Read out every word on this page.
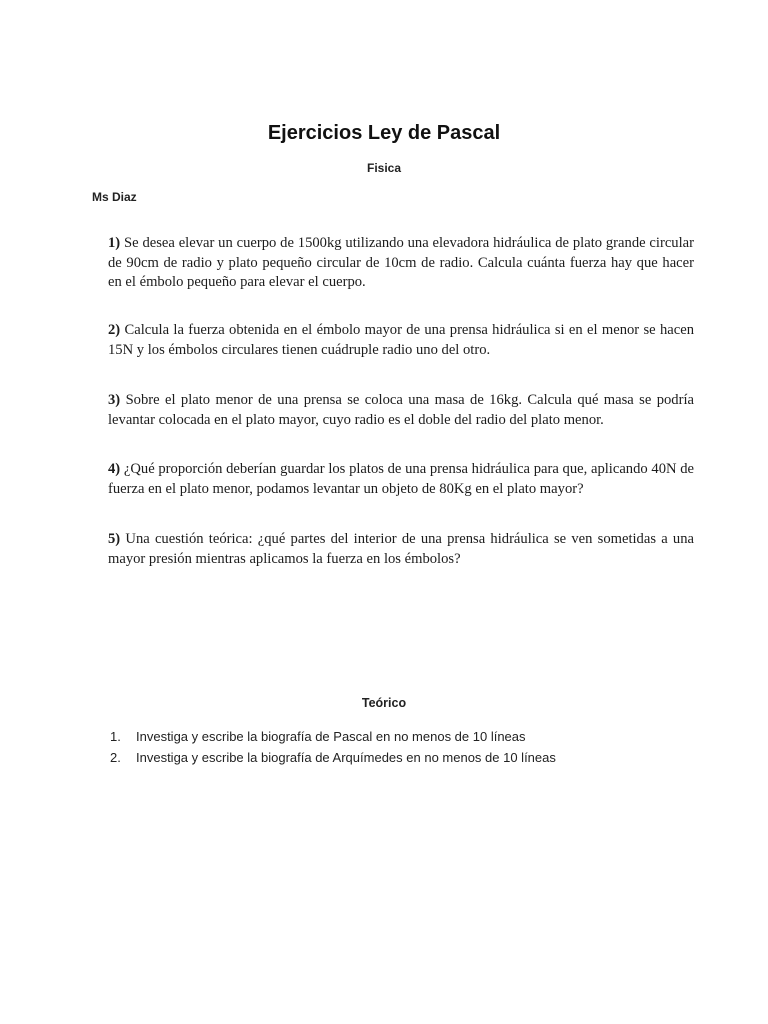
Ejercicios Ley de Pascal
Fisica
Ms Diaz
1) Se desea elevar un cuerpo de 1500kg utilizando una elevadora hidráulica de plato grande circular de 90cm de radio y plato pequeño circular de 10cm de radio. Calcula cuánta fuerza hay que hacer en el émbolo pequeño para elevar el cuerpo.
2) Calcula la fuerza obtenida en el émbolo mayor de una prensa hidráulica si en el menor se hacen 15N y los émbolos circulares tienen cuádruple radio uno del otro.
3) Sobre el plato menor de una prensa se coloca una masa de 16kg. Calcula qué masa se podría levantar colocada en el plato mayor, cuyo radio es el doble del radio del plato menor.
4) ¿Qué proporción deberían guardar los platos de una prensa hidráulica para que, aplicando 40N de fuerza en el plato menor, podamos levantar un objeto de 80Kg en el plato mayor?
5) Una cuestión teórica: ¿qué partes del interior de una prensa hidráulica se ven sometidas a una mayor presión mientras aplicamos la fuerza en los émbolos?
Teórico
1.	Investiga y escribe la biografía de Pascal en no menos de 10 líneas
2.	Investiga y escribe la biografía de Arquímedes en no menos de 10 líneas
